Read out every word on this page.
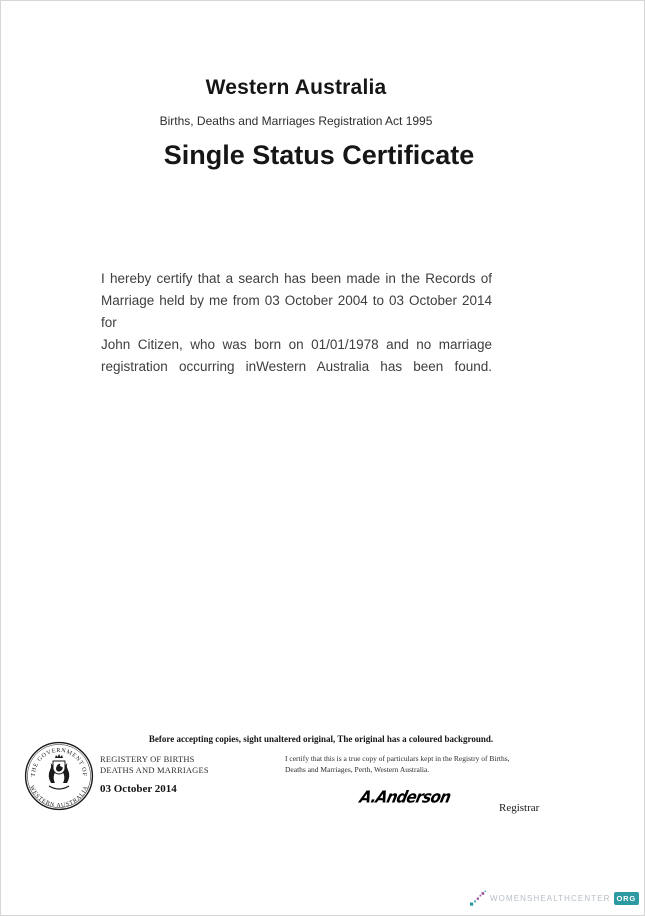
Western Australia
Births, Deaths and Marriages Registration Act 1995
Single Status Certificate
I hereby certify that a search has been made in the Records of
Marriage held by me from 03 October 2004 to 03 October 2014 for
John Citizen, who was born on 01/01/1978 and no marriage
registration occurring inWestern Australia has been found.
Before accepting copies, sight unaltered original, The original has a coloured background.
THE GOVERNMENT OF
WESTERN AUSTRALIA
REGISTERY OF BIRTHS
DEATHS AND MARRIAGES
03 October 2014
I certify that this is a true copy of particulars kept in the Registry of Births,
Deaths and Marriages, Perth, Western Australia.
A.Anderson
Registrar
WOMENSHEALTHCENTER ORG
